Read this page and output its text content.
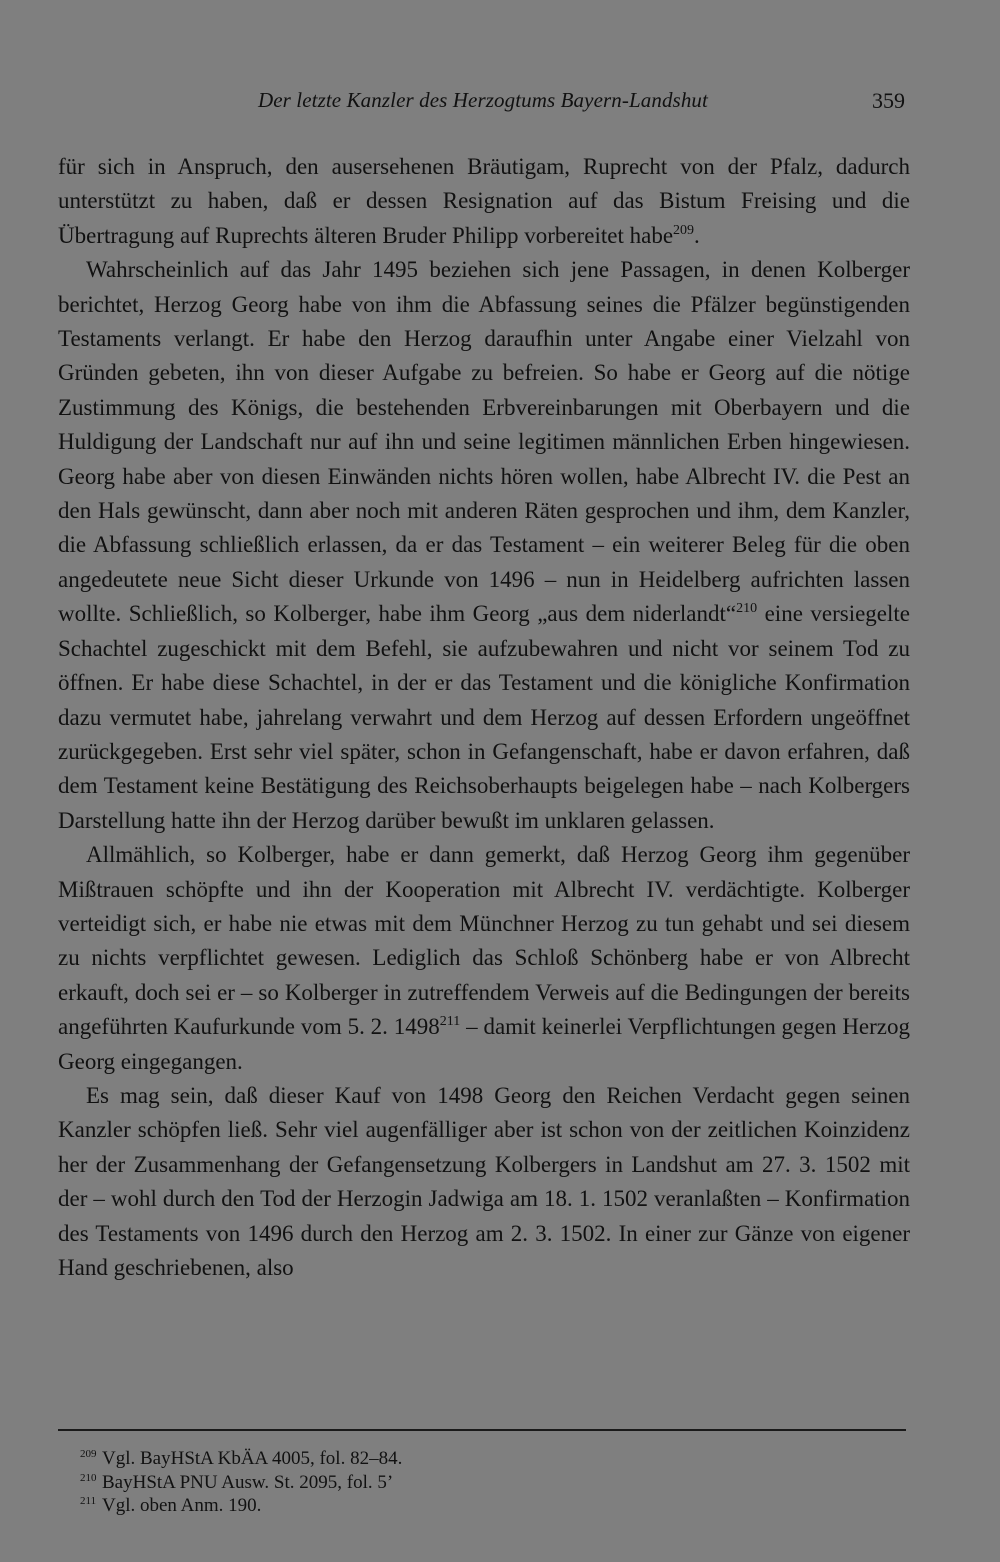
Der letzte Kanzler des Herzogtums Bayern-Landshut	359

für sich in Anspruch, den ausersehenen Bräutigam, Ruprecht von der Pfalz, dadurch unterstützt zu haben, daß er dessen Resignation auf das Bistum Freising und die Übertragung auf Ruprechts älteren Bruder Philipp vorbereitet habe$^{209}$.

Wahrscheinlich auf das Jahr 1495 beziehen sich jene Passagen, in denen Kolberger berichtet, Herzog Georg habe von ihm die Abfassung seines die Pfälzer begünstigenden Testaments verlangt. Er habe den Herzog daraufhin unter Angabe einer Vielzahl von Gründen gebeten, ihn von dieser Aufgabe zu befreien. So habe er Georg auf die nötige Zustimmung des Königs, die bestehenden Erbvereinbarungen mit Oberbayern und die Huldigung der Landschaft nur auf ihn und seine legitimen männlichen Erben hingewiesen. Georg habe aber von diesen Einwänden nichts hören wollen, habe Albrecht IV. die Pest an den Hals gewünscht, dann aber noch mit anderen Räten gesprochen und ihm, dem Kanzler, die Abfassung schließlich erlassen, da er das Testament – ein weiterer Beleg für die oben angedeutete neue Sicht dieser Urkunde von 1496 – nun in Heidelberg aufrichten lassen wollte. Schließlich, so Kolberger, habe ihm Georg „aus dem niderlandt“$^{210}$ eine versiegelte Schachtel zugeschickt mit dem Befehl, sie aufzubewahren und nicht vor seinem Tod zu öffnen. Er habe diese Schachtel, in der er das Testament und die königliche Konfirmation dazu vermutet habe, jahrelang verwahrt und dem Herzog auf dessen Erfordern ungeöffnet zurückgegeben. Erst sehr viel später, schon in Gefangenschaft, habe er davon erfahren, daß dem Testament keine Bestätigung des Reichsoberhaupts beigelegen habe – nach Kolbergers Darstellung hatte ihn der Herzog darüber bewußt im unklaren gelassen.

Allmählich, so Kolberger, habe er dann gemerkt, daß Herzog Georg ihm gegenüber Mißtrauen schöpfte und ihn der Kooperation mit Albrecht IV. verdächtigte. Kolberger verteidigt sich, er habe nie etwas mit dem Münchner Herzog zu tun gehabt und sei diesem zu nichts verpflichtet gewesen. Lediglich das Schloß Schönberg habe er von Albrecht erkauft, doch sei er – so Kolberger in zutreffendem Verweis auf die Bedingungen der bereits angeführten Kaufurkunde vom 5. 2. 1498$^{211}$ – damit keinerlei Verpflichtungen gegen Herzog Georg eingegangen.

Es mag sein, daß dieser Kauf von 1498 Georg den Reichen Verdacht gegen seinen Kanzler schöpfen ließ. Sehr viel augenfälliger aber ist schon von der zeitlichen Koinzidenz her der Zusammenhang der Gefangensetzung Kolbergers in Landshut am 27. 3. 1502 mit der – wohl durch den Tod der Herzogin Jadwiga am 18. 1. 1502 veranlaßten – Konfirmation des Testaments von 1496 durch den Herzog am 2. 3. 1502. In einer zur Gänze von eigener Hand geschriebenen, also

$^{209}$ Vgl. BayHStA KbÄA 4005, fol. 82–84.
$^{210}$ BayHStA PNU Ausw. St. 2095, fol. 5’
$^{211}$ Vgl. oben Anm. 190.
